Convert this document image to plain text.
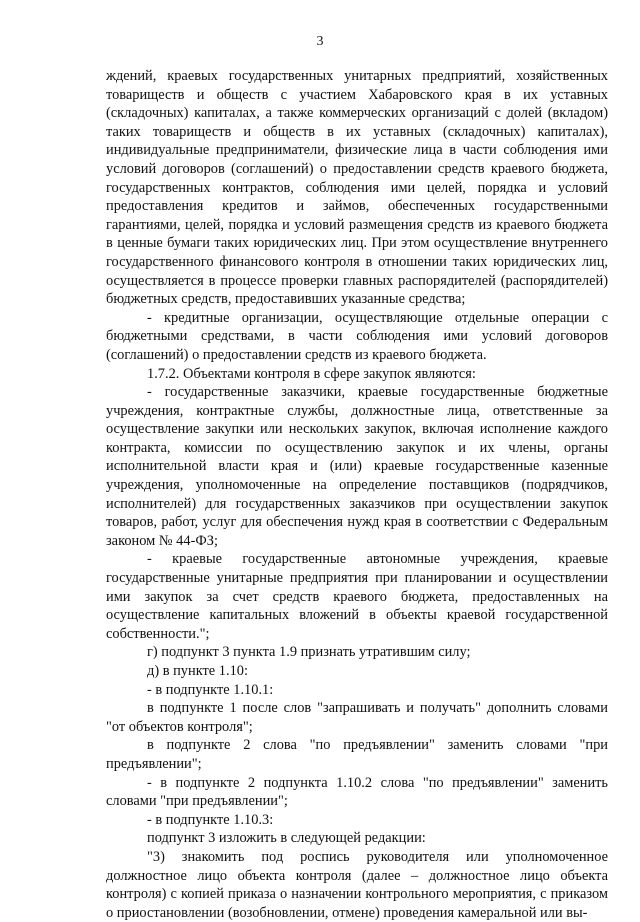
3

ждений, краевых государственных унитарных предприятий, хозяйственных товариществ и обществ с участием Хабаровского края в их уставных (складочных) капиталах, а также коммерческих организаций с долей (вкладом) таких товариществ и обществ в их уставных (складочных) капиталах), индивидуальные предприниматели, физические лица в части соблюдения ими условий договоров (соглашений) о предоставлении средств краевого бюджета, государственных контрактов, соблюдения ими целей, порядка и условий предоставления кредитов и займов, обеспеченных государственными гарантиями, целей, порядка и условий размещения средств из краевого бюджета в ценные бумаги таких юридических лиц. При этом осуществление внутреннего государственного финансового контроля в отношении таких юридических лиц, осуществляется в процессе проверки главных распорядителей (распорядителей) бюджетных средств, предоставивших указанные средства;

- кредитные организации, осуществляющие отдельные операции с бюджетными средствами, в части соблюдения ими условий договоров (соглашений) о предоставлении средств из краевого бюджета.

1.7.2. Объектами контроля в сфере закупок являются:

- государственные заказчики, краевые государственные бюджетные учреждения, контрактные службы, должностные лица, ответственные за осуществление закупки или нескольких закупок, включая исполнение каждого контракта, комиссии по осуществлению закупок и их члены, органы исполнительной власти края и (или) краевые государственные казенные учреждения, уполномоченные на определение поставщиков (подрядчиков, исполнителей) для государственных заказчиков при осуществлении закупок товаров, работ, услуг для обеспечения нужд края в соответствии с Федеральным законом № 44-ФЗ;

- краевые государственные автономные учреждения, краевые государственные унитарные предприятия при планировании и осуществлении ими закупок за счет средств краевого бюджета, предоставленных на осуществление капитальных вложений в объекты краевой государственной собственности.";

г) подпункт 3 пункта 1.9 признать утратившим силу;

д) в пункте 1.10:

- в подпункте 1.10.1:

в подпункте 1 после слов "запрашивать и получать" дополнить словами "от объектов контроля";

в подпункте 2 слова "по предъявлении" заменить словами "при предъявлении";

- в подпункте 2 подпункта 1.10.2 слова "по предъявлении" заменить словами "при предъявлении";

- в подпункте 1.10.3:

подпункт 3 изложить в следующей редакции:

"3) знакомить под роспись руководителя или уполномоченное должностное лицо объекта контроля (далее – должностное лицо объекта контроля) с копией приказа о назначении контрольного мероприятия, с приказом о приостановлении (возобновлении, отмене) проведения камеральной или вы-
